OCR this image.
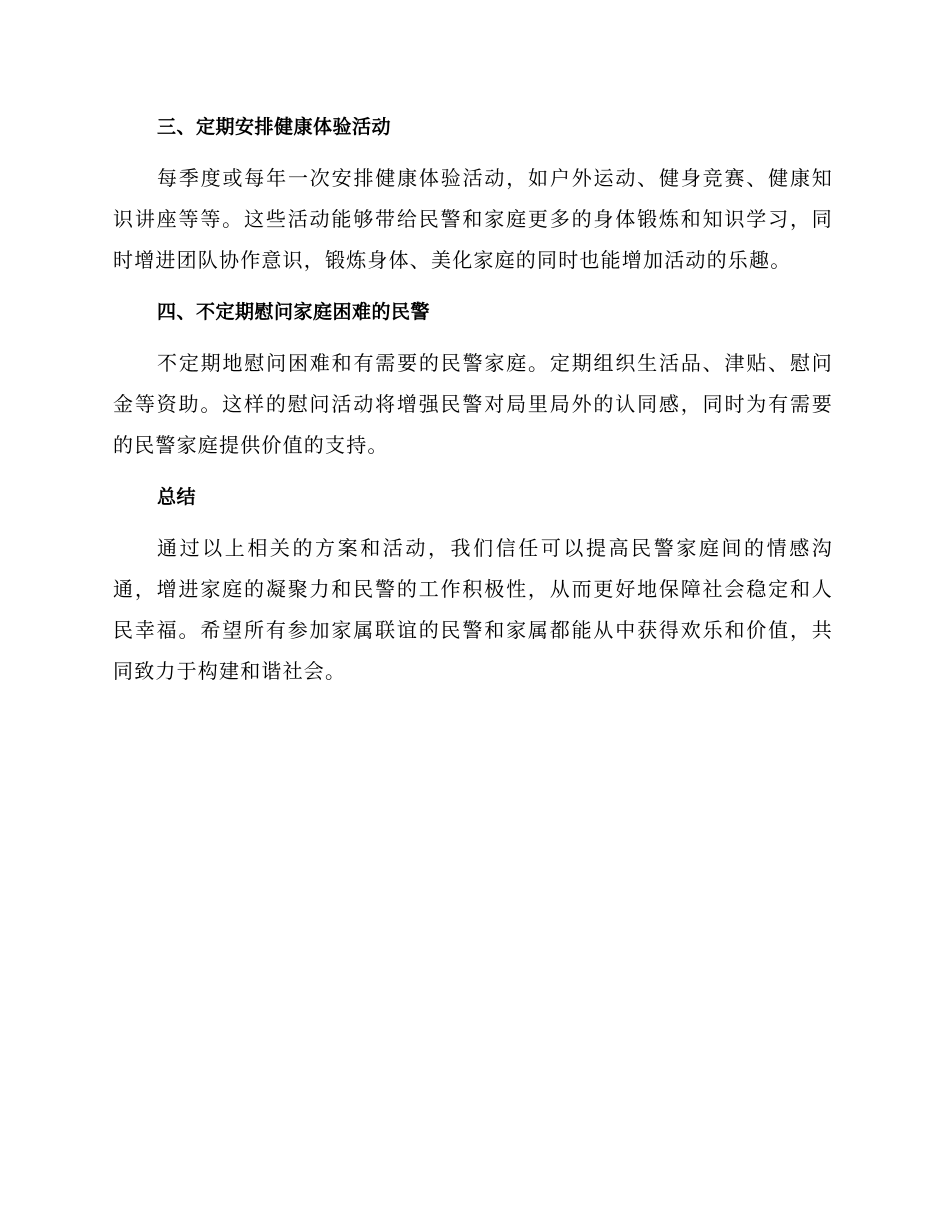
三、定期安排健康体验活动

每季度或每年一次安排健康体验活动，如户外运动、健身竞赛、健康知识讲座等等。这些活动能够带给民警和家庭更多的身体锻炼和知识学习，同时增进团队协作意识，锻炼身体、美化家庭的同时也能增加活动的乐趣。

四、不定期慰问家庭困难的民警

不定期地慰问困难和有需要的民警家庭。定期组织生活品、津贴、慰问金等资助。这样的慰问活动将增强民警对局里局外的认同感，同时为有需要的民警家庭提供价值的支持。

总结

通过以上相关的方案和活动，我们信任可以提高民警家庭间的情感沟通，增进家庭的凝聚力和民警的工作积极性，从而更好地保障社会稳定和人民幸福。希望所有参加家属联谊的民警和家属都能从中获得欢乐和价值，共同致力于构建和谐社会。
